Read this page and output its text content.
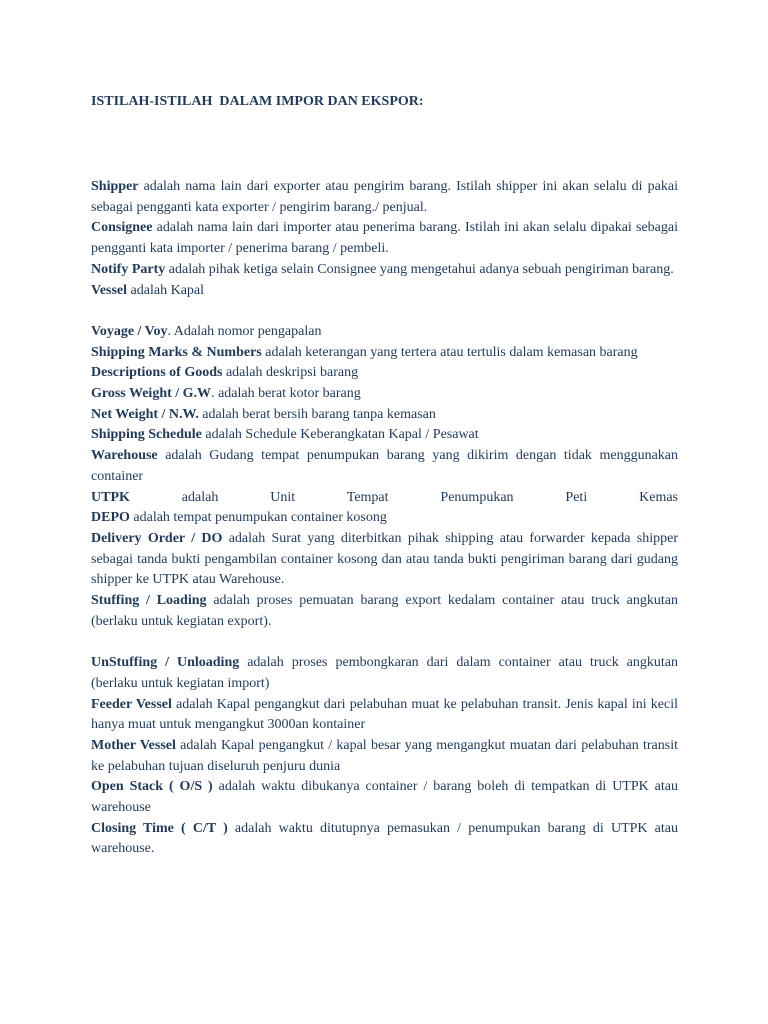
ISTILAH-ISTILAH  DALAM IMPOR DAN EKSPOR:

Shipper adalah nama lain dari exporter atau pengirim barang. Istilah shipper ini akan selalu di pakai sebagai pengganti kata exporter / pengirim barang./ penjual.

Consignee adalah nama lain dari importer atau penerima barang. Istilah ini akan selalu dipakai sebagai pengganti kata importer / penerima barang / pembeli.

Notify Party adalah pihak ketiga selain Consignee yang mengetahui adanya sebuah pengiriman barang.

Vessel adalah Kapal

Voyage / Voy. Adalah nomor pengapalan

Shipping Marks & Numbers adalah keterangan yang tertera atau tertulis dalam kemasan barang

Descriptions of Goods adalah deskripsi barang

Gross Weight / G.W. adalah berat kotor barang

Net Weight / N.W. adalah berat bersih barang tanpa kemasan

Shipping Schedule adalah Schedule Keberangkatan Kapal / Pesawat

Warehouse adalah Gudang tempat penumpukan barang yang dikirim dengan tidak menggunakan container

UTPK adalah Unit Tempat Penumpukan Peti Kemas

DEPO adalah tempat penumpukan container kosong

Delivery Order / DO adalah Surat yang diterbitkan pihak shipping atau forwarder kepada shipper sebagai tanda bukti pengambilan container kosong dan atau tanda bukti pengiriman barang dari gudang shipper ke UTPK atau Warehouse.

Stuffing / Loading adalah proses pemuatan barang export kedalam container atau truck angkutan (berlaku untuk kegiatan export).

UnStuffing / Unloading adalah proses pembongkaran dari dalam container atau truck angkutan (berlaku untuk kegiatan import)

Feeder Vessel adalah Kapal pengangkut dari pelabuhan muat ke pelabuhan transit. Jenis kapal ini kecil hanya muat untuk mengangkut 3000an kontainer

Mother Vessel adalah Kapal pengangkut / kapal besar yang mengangkut muatan dari pelabuhan transit ke pelabuhan tujuan diseluruh penjuru dunia

Open Stack ( O/S ) adalah waktu dibukanya container / barang boleh di tempatkan di UTPK atau warehouse

Closing Time ( C/T ) adalah waktu ditutupnya pemasukan / penumpukan barang di UTPK atau warehouse.
